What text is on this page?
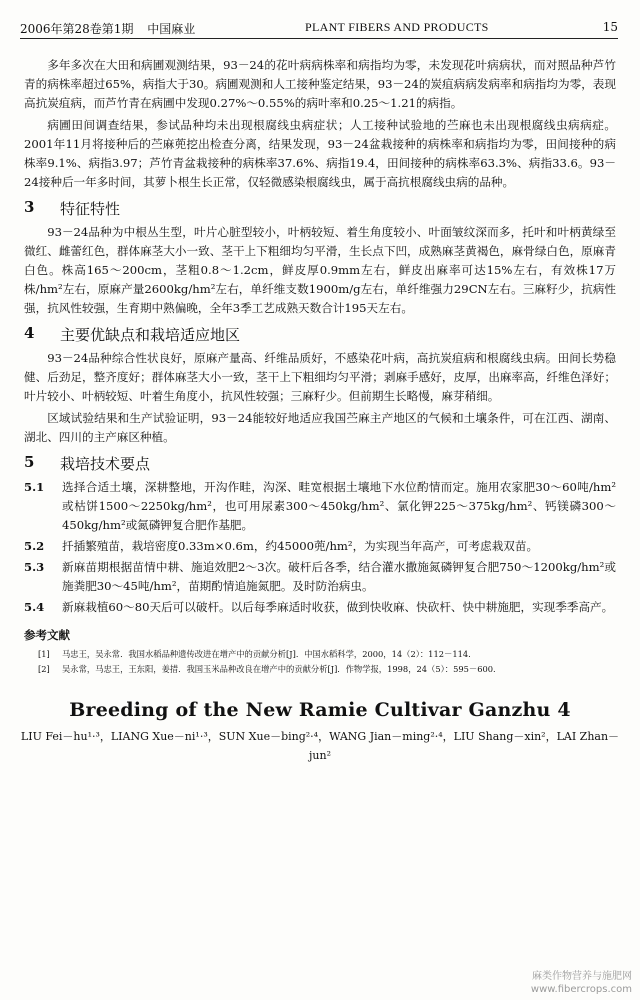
2006年第28卷第1期 中国麻业	PLANT FIBERS AND PRODUCTS	15

多年多次在大田和病圃观测结果，93－24的花叶病病株率和病指均为零，未发现花叶病病状，而对照品种芦竹青的病株率超过65%，病指大于30。病圃观测和人工接种鉴定结果，93－24的炭疽病病发病率和病指均为零，表现高抗炭疽病，而芦竹青在病圃中发现0.27%～0.55%的病叶率和0.25～1.21的病指。

病圃田间调查结果，参试品种均未出现根腐线虫病症状；人工接种试验地的苎麻也未出现根腐线虫病病症。2001年11月将接种后的苎麻蔸挖出检查分离，结果发现，93－24盆栽接种的病株率和病指均为零，田间接种的病株率9.1%、病指3.97；芦竹青盆栽接种的病株率37.6%、病指19.4，田间接种的病株率63.3%、病指33.6。93－24接种后一年多时间，其萝卜根生长正常，仅轻微感染根腐线虫，属于高抗根腐线虫病的品种。

3	特征特性

93－24品种为中根丛生型，叶片心脏型较小，叶柄较短、着生角度较小、叶面皱纹深而多，托叶和叶柄黄绿至微红、雌蕾红色，群体麻茎大小一致、茎干上下粗细均匀平滑，生长点下凹，成熟麻茎黄褐色，麻骨绿白色，原麻青白色。株高165～200cm，茎粗0.8～1.2cm，鲜皮厚0.9mm左右，鲜皮出麻率可达15%左右，有效株17万株/hm²左右，原麻产量2600kg/hm²左右，单纤维支数1900m/g左右，单纤维强力29CN左右。三麻籽少，抗病性强，抗风性较强，生育期中熟偏晚，全年3季工艺成熟天数合计195天左右。

4	主要优缺点和栽培适应地区

93－24品种综合性状良好，原麻产量高、纤维品质好，不感染花叶病，高抗炭疽病和根腐线虫病。田间长势稳健、后劲足，整齐度好；群体麻茎大小一致，茎干上下粗细均匀平滑；剥麻手感好，皮厚，出麻率高，纤维色泽好；叶片较小、叶柄较短、叶着生角度小，抗风性较强；三麻籽少。但前期生长略慢，麻芽稍细。

区域试验结果和生产试验证明，93－24能较好地适应我国苎麻主产地区的气候和土壤条件，可在江西、湖南、湖北、四川的主产麻区种植。

5	栽培技术要点
5.1	选择合适土壤，深耕整地，开沟作畦，沟深、畦宽根据土壤地下水位酌情而定。施用农家肥30～60吨/hm²或枯饼1500～2250kg/hm²，也可用尿素300～450kg/hm²、氯化钾225～375kg/hm²、钙镁磷300～450kg/hm²或氮磷钾复合肥作基肥。
5.2	扦插繁殖苗，栽培密度0.33m×0.6m，约45000蔸/hm²，为实现当年高产，可考虑栽双苗。
5.3	新麻苗期根据苗情中耕、施追效肥2～3次。破杆后各季，结合灌水撒施氮磷钾复合肥750～1200kg/hm²或施粪肥30～45吨/hm²，苗期酌情追施氮肥。及时防治病虫。
5.4	新麻栽植60～80天后可以破杆。以后每季麻适时收获，做到快收麻、快砍杆、快中耕施肥，实现季季高产。
参考文献
[1]	马忠王，吴永常．我国水稻品种遗传改进在增产中的贡献分析[J]．中国水稻科学，2000，14（2）：112－114.
[2]	吴永常，马忠王，王东阳，姜措．我国玉米品种改良在增产中的贡献分析[J]．作物学报，1998，24（5）：595－600.
Breeding of the New Ramie Cultivar Ganzhu 4
LIU Fei－hu¹·³，LIANG Xue－ni¹·³，SUN Xue－bing²·⁴，WANG Jian－ming²·⁴，LIU Shang－xin²，LAI Zhan－jun²
麻类作物营养与施肥网
www.fibercrops.com
